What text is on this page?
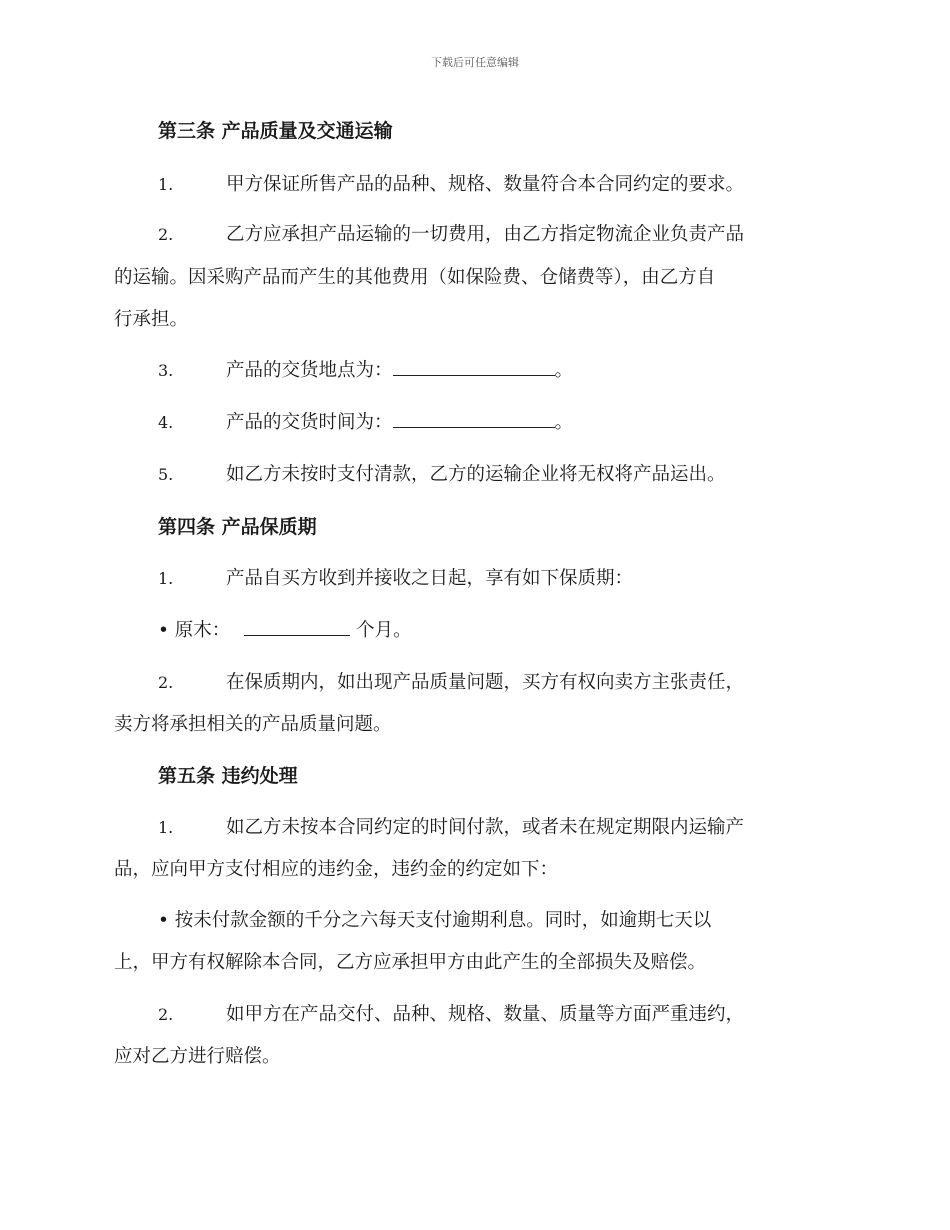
下载后可任意编辑
第三条 产品质量及交通运输
1.	甲方保证所售产品的品种、规格、数量符合本合同约定的要求。
2.	乙方应承担产品运输的一切费用，由乙方指定物流企业负责产品
的运输。因采购产品而产生的其他费用（如保险费、仓储费等），由乙方自
行承担。
3.	产品的交货地点为：	。
4.	产品的交货时间为：	。
5.	如乙方未按时支付清款，乙方的运输企业将无权将产品运出。
第四条 产品保质期
1.	产品自买方收到并接收之日起，享有如下保质期：
• 原木：	个月。
2.	在保质期内，如出现产品质量问题，买方有权向卖方主张责任，
卖方将承担相关的产品质量问题。
第五条 违约处理
1.	如乙方未按本合同约定的时间付款，或者未在规定期限内运输产
品，应向甲方支付相应的违约金，违约金的约定如下：
• 按未付款金额的千分之六每天支付逾期利息。同时，如逾期七天以
上，甲方有权解除本合同，乙方应承担甲方由此产生的全部损失及赔偿。
2.	如甲方在产品交付、品种、规格、数量、质量等方面严重违约，
应对乙方进行赔偿。
